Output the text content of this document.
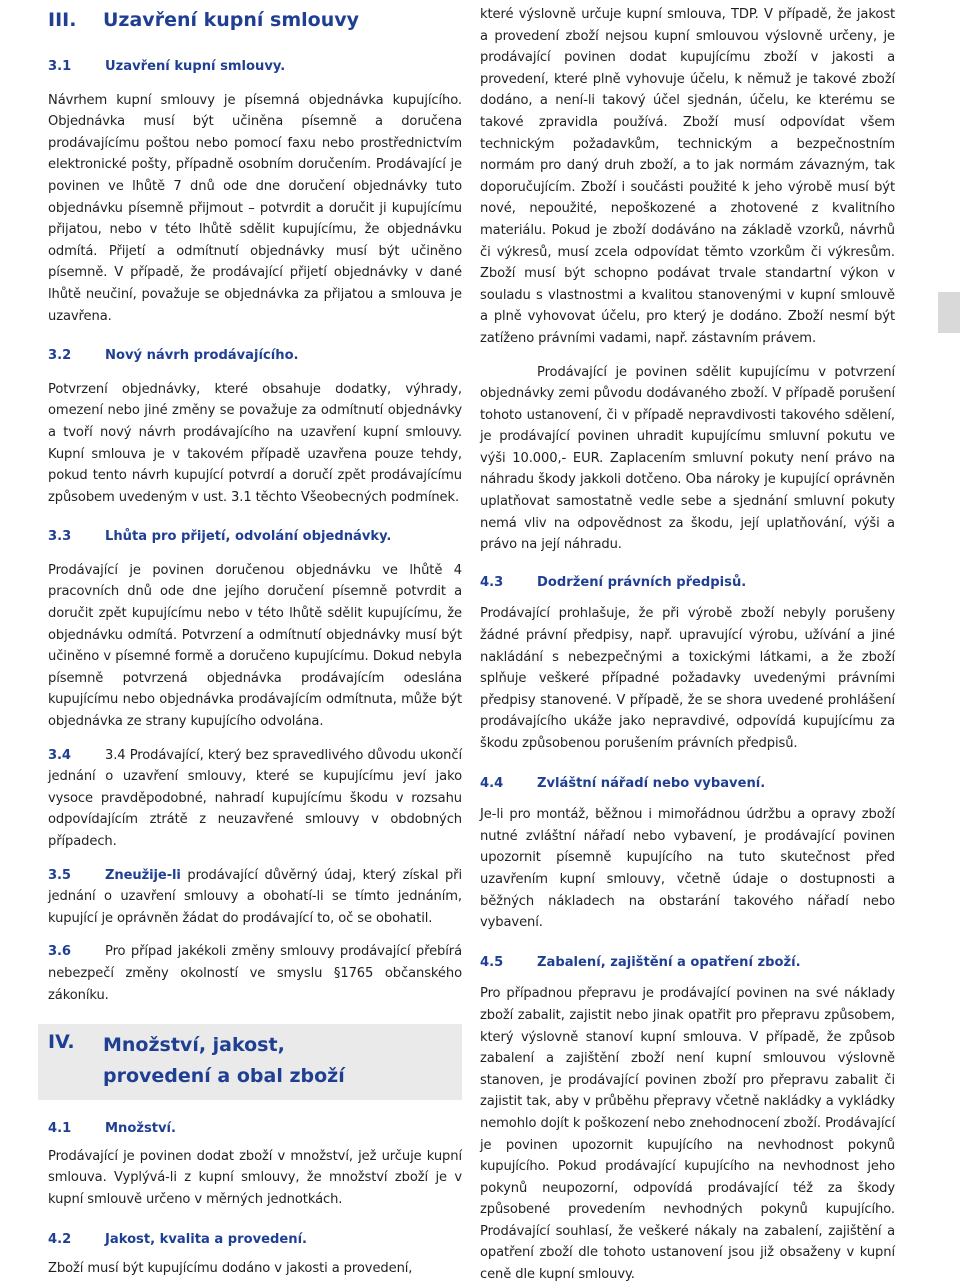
III.	Uzavření kupní smlouvy
3.1	Uzavření kupní smlouvy.

Návrhem kupní smlouvy je písemná objednávka kupujícího. Objednávka musí být učiněna písemně a doručena prodávajícímu poštou nebo pomocí faxu nebo prostřednictvím elektronické pošty, případně osobním doručením. Prodávající je povinen ve lhůtě 7 dnů ode dne doručení objednávky tuto objednávku písemně přijmout – potvrdit a doručit ji kupujícímu přijatou, nebo v této lhůtě sdělit kupujícímu, že objednávku odmítá. Přijetí a odmítnutí objednávky musí být učiněno písemně. V případě, že prodávající přijetí objednávky v dané lhůtě neučiní, považuje se objednávka za přijatou a smlouva je uzavřena.

3.2	Nový návrh prodávajícího.

Potvrzení objednávky, které obsahuje dodatky, výhrady, omezení nebo jiné změny se považuje za odmítnutí objednávky a tvoří nový návrh prodávajícího na uzavření kupní smlouvy. Kupní smlouva je v takovém případě uzavřena pouze tehdy, pokud tento návrh kupující potvrdí a doručí zpět prodávajícímu způsobem uvedeným v ust. 3.1 těchto Všeobecných podmínek.

3.3	Lhůta pro přijetí, odvolání objednávky.

Prodávající je povinen doručenou objednávku ve lhůtě 4 pracovních dnů ode dne jejího doručení písemně potvrdit a doručit zpět kupujícímu nebo v této lhůtě sdělit kupujícímu, že objednávku odmítá. Potvrzení a odmítnutí objednávky musí být učiněno v písemné formě a doručeno kupujícímu. Dokud nebyla písemně potvrzená objednávka prodávajícím odeslána kupujícímu nebo objednávka prodávajícím odmítnuta, může být objednávka ze strany kupujícího odvolána.

3.4	3.4 Prodávající, který bez spravedlivého důvodu ukončí jednání o uzavření smlouvy, které se kupujícímu jeví jako vysoce pravděpodobné, nahradí kupujícímu škodu v rozsahu odpovídajícím ztrátě z neuzavřené smlouvy v obdobných případech.

3.5	Zneužije-li prodávající důvěrný údaj, který získal při jednání o uzavření smlouvy a obohatí-li se tímto jednáním, kupující je oprávněn žádat do prodávající to, oč se obohatil.

3.6	Pro případ jakékoli změny smlouvy prodávající přebírá nebezpečí změny okolností ve smyslu §1765 občanského zákoníku.

IV.	Množství, jakost,
provedení a obal zboží
4.1	Množství.

Prodávající je povinen dodat zboží v množství, jež určuje kupní smlouva. Vyplývá-li z kupní smlouvy, že množství zboží je v kupní smlouvě určeno v měrných jednotkách.

4.2	Jakost, kvalita a provedení.

Zboží musí být kupujícímu dodáno v jakosti a provedení,

které výslovně určuje kupní smlouva, TDP. V případě, že jakost a provedení zboží nejsou kupní smlouvou výslovně určeny, je prodávající povinen dodat kupujícímu zboží v jakosti a provedení, které plně vyhovuje účelu, k němuž je takové zboží dodáno, a není-li takový účel sjednán, účelu, ke kterému se takové zpravidla používá. Zboží musí odpovídat všem technickým požadavkům, technickým a bezpečnostním normám pro daný druh zboží, a to jak normám závazným, tak doporučujícím. Zboží i součásti použité k jeho výrobě musí být nové, nepoužité, nepoškozené a zhotovené z kvalitního materiálu. Pokud je zboží dodáváno na základě vzorků, návrhů či výkresů, musí zcela odpovídat těmto vzorkům či výkresům. Zboží musí být schopno podávat trvale standartní výkon v souladu s vlastnostmi a kvalitou stanovenými v kupní smlouvě a plně vyhovovat účelu, pro který je dodáno. Zboží nesmí být zatíženo právními vadami, např. zástavním právem.

Prodávající je povinen sdělit kupujícímu v potvrzení objednávky zemi původu dodávaného zboží. V případě porušení tohoto ustanovení, či v případě nepravdivosti takového sdělení, je prodávající povinen uhradit kupujícímu smluvní pokutu ve výši 10.000,- EUR. Zaplacením smluvní pokuty není právo na náhradu škody jakkoli dotčeno. Oba nároky je kupující oprávněn uplatňovat samostatně vedle sebe a sjednání smluvní pokuty nemá vliv na odpovědnost za škodu, její uplatňování, výši a právo na její náhradu.

4.3	Dodržení právních předpisů.

Prodávající prohlašuje, že při výrobě zboží nebyly porušeny žádné právní předpisy, např. upravující výrobu, užívání a jiné nakládání s nebezpečnými a toxickými látkami, a že zboží splňuje veškeré případné požadavky uvedenými právními předpisy stanovené. V případě, že se shora uvedené prohlášení prodávajícího ukáže jako nepravdivé, odpovídá kupujícímu za škodu způsobenou porušením právních předpisů.

4.4	Zvláštní nářadí nebo vybavení.

Je-li pro montáž, běžnou i mimořádnou údržbu a opravy zboží nutné zvláštní nářadí nebo vybavení, je prodávající povinen upozornit písemně kupujícího na tuto skutečnost před uzavřením kupní smlouvy, včetně údaje o dostupnosti a běžných nákladech na obstarání takového nářadí nebo vybavení.

4.5	Zabalení, zajištění a opatření zboží.

Pro případnou přepravu je prodávající povinen na své náklady zboží zabalit, zajistit nebo jinak opatřit pro přepravu způsobem, který výslovně stanoví kupní smlouva. V případě, že způsob zabalení a zajištění zboží není kupní smlouvou výslovně stanoven, je prodávající povinen zboží pro přepravu zabalit či zajistit tak, aby v průběhu přepravy včetně nakládky a vykládky nemohlo dojít k poškození nebo znehodnocení zboží. Prodávající je povinen upozornit kupujícího na nevhodnost pokynů kupujícího. Pokud prodávající kupujícího na nevhodnost jeho pokynů neupozorní, odpovídá prodávající též za škody způsobené provedením nevhodných pokynů kupujícího. Prodávající souhlasí, že veškeré nákaly na zabalení, zajištění a opatření zboží dle tohoto ustanovení jsou již obsaženy v kupní ceně dle kupní smlouvy.
